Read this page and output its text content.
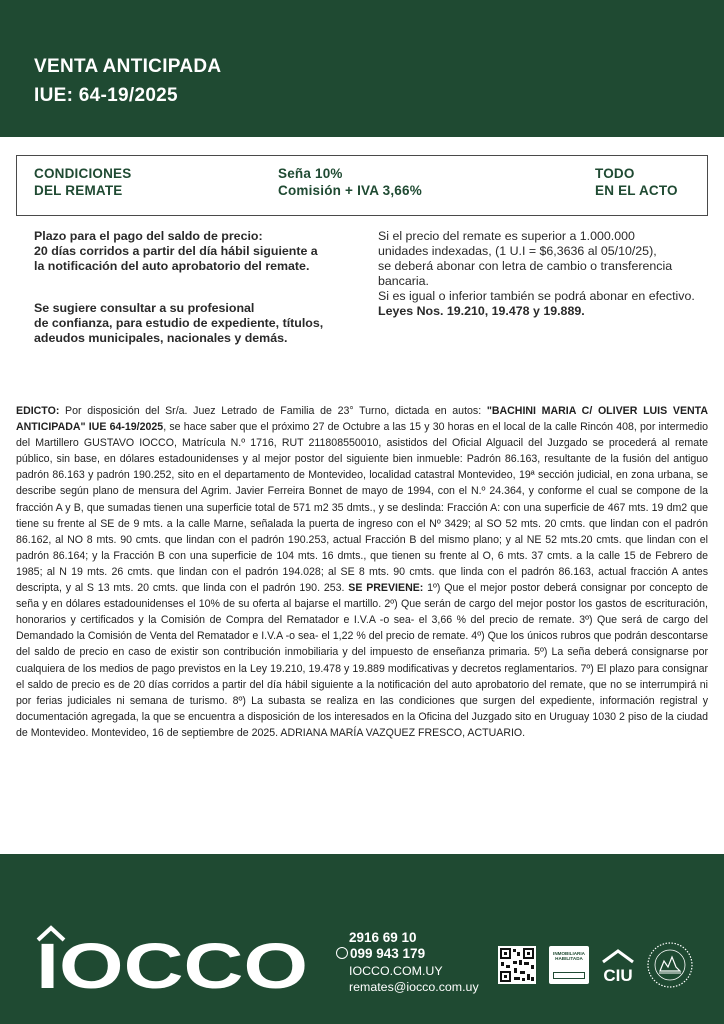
VENTA ANTICIPADA
IUE: 64-19/2025
CONDICIONES
DEL REMATE
Seña 10%
Comisión + IVA 3,66%
TODO
EN EL ACTO
Plazo para el pago del saldo de precio:
20 días corridos a partir del día hábil siguiente a
la notificación del auto aprobatorio del remate.
Se sugiere consultar a su profesional
de confianza, para estudio de expediente, títulos,
adeudos municipales, nacionales y demás.
Si el precio del remate es superior a 1.000.000
unidades indexadas, (1 U.I = $6,3636 al 05/10/25),
se deberá abonar con letra de cambio o transferencia
bancaria.
Si es igual o inferior también se podrá abonar en efectivo.
Leyes Nos. 19.210, 19.478 y 19.889.

EDICTO: Por disposición del Sr/a. Juez Letrado de Familia de 23° Turno, dictada en autos: "BACHINI MARIA C/ OLIVER LUIS VENTA ANTICIPADA" IUE 64-19/2025, se hace saber que el próximo 27 de Octubre a las 15 y 30 horas en el local de la calle Rincón 408, por intermedio del Martillero GUSTAVO IOCCO, Matrícula N.º 1716, RUT 211808550010, asistidos del Oficial Alguacil del Juzgado se procederá al remate público, sin base, en dólares estadounidenses y al mejor postor del siguiente bien inmueble: Padrón 86.163, resultante de la fusión del antiguo padrón 86.163 y padrón 190.252, sito en el departamento de Montevideo, localidad catastral Montevideo, 19ª sección judicial, en zona urbana, se describe según plano de mensura del Agrim. Javier Ferreira Bonnet de mayo de 1994, con el N.º 24.364, y conforme el cual se compone de la fracción A y B, que sumadas tienen una superficie total de 571 m2 35 dmts., y se deslinda: Fracción A: con una superficie de 467 mts. 19 dm2 que tiene su frente al SE de 9 mts. a la calle Marne, señalada la puerta de ingreso con el Nº 3429; al SO 52 mts. 20 cmts. que lindan con el padrón 86.162, al NO 8 mts. 90 cmts. que lindan con el padrón 190.253, actual Fracción B del mismo plano; y al NE 52 mts.20 cmts. que lindan con el padrón 86.164; y la Fracción B con una superficie de 104 mts. 16 dmts., que tienen su frente al O, 6 mts. 37 cmts. a la calle 15 de Febrero de 1985; al N 19 mts. 26 cmts. que lindan con el padrón 194.028; al SE 8 mts. 90 cmts. que linda con el padrón 86.163, actual fracción A antes descripta, y al S 13 mts. 20 cmts. que linda con el padrón 190. 253. SE PREVIENE: 1º) Que el mejor postor deberá consignar por concepto de seña y en dólares estadounidenses el 10% de su oferta al bajarse el martillo. 2º) Que serán de cargo del mejor postor los gastos de escrituración, honorarios y certificados y la Comisión de Compra del Rematador e I.V.A -o sea- el 3,66 % del precio de remate. 3º) Que será de cargo del Demandado la Comisión de Venta del Rematador e I.V.A -o sea- el 1,22 % del precio de remate. 4º) Que los únicos rubros que podrán descontarse del saldo de precio en caso de existir son contribución inmobiliaria y del impuesto de enseñanza primaria. 5º) La seña deberá consignarse por cualquiera de los medios de pago previstos en la Ley 19.210, 19.478 y 19.889 modificativas y decretos reglamentarios. 7º) El plazo para consignar el saldo de precio es de 20 días corridos a partir del día hábil siguiente a la notificación del auto aprobatorio del remate, que no se interrumpirá ni por ferias judiciales ni semana de turismo. 8º) La subasta se realiza en las condiciones que surgen del expediente, información registral y documentación agregada, la que se encuentra a disposición de los interesados en la Oficina del Juzgado sito en Uruguay 1030 2 piso de la ciudad de Montevideo. Montevideo, 16 de septiembre de 2025. ADRIANA MARÍA VAZQUEZ FRESCO, ACTUARIO.

IOCCO	2916 69 10
099 943 179
IOCCO.COM.UY
remates@iocco.com.uy
INMOBILIARIA
HABILITADA
CIU
